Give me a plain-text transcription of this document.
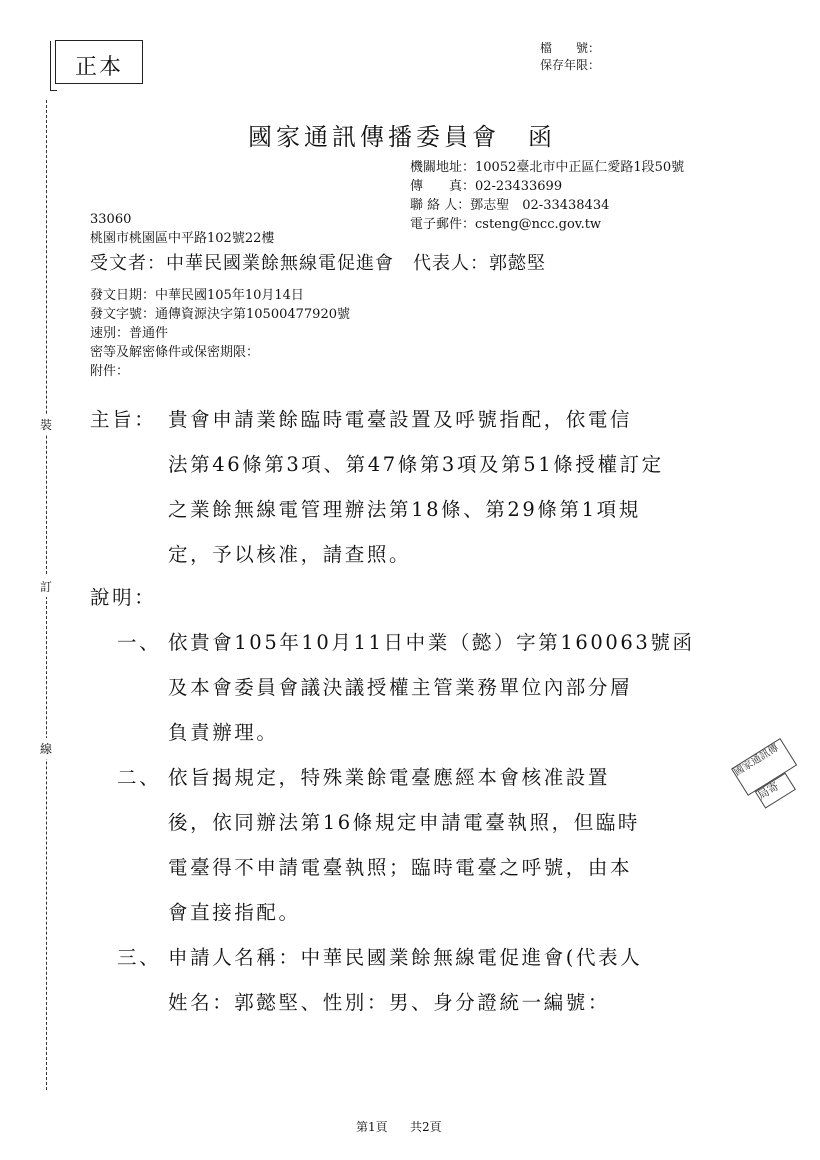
正本
檔　　號：
保存年限：
裝
訂
線
國家通訊傳播委員會　函
機關地址：10052臺北市中正區仁愛路1段50號
傳　　真：02-23433699
聯 絡 人：鄧志聖　02-33438434
電子郵件：csteng@ncc.gov.tw
33060
桃園市桃園區中平路102號22樓
受文者：中華民國業餘無線電促進會　代表人：郭懿堅
發文日期：中華民國105年10月14日
發文字號：通傳資源決字第10500477920號
速別：普通件
密等及解密條件或保密期限：
附件：
主旨： 貴會申請業餘臨時電臺設置及呼號指配，依電信
法第46條第3項、第47條第3項及第51條授權訂定
之業餘無線電管理辦法第18條、第29條第1項規
定，予以核准，請查照。
說明：
一、 依貴會105年10月11日中業（懿）字第160063號函
及本會委員會議決議授權主管業務單位內部分層
負責辦理。
二、 依旨揭規定，特殊業餘電臺應經本會核准設置
後，依同辦法第16條規定申請電臺執照，但臨時
電臺得不申請電臺執照；臨時電臺之呼號，由本
會直接指配。
三、 申請人名稱：中華民國業餘無線電促進會(代表人
姓名：郭懿堅、性別：男、身分證統一編號：
國家通訊傳
局寄
第1頁 共2頁
